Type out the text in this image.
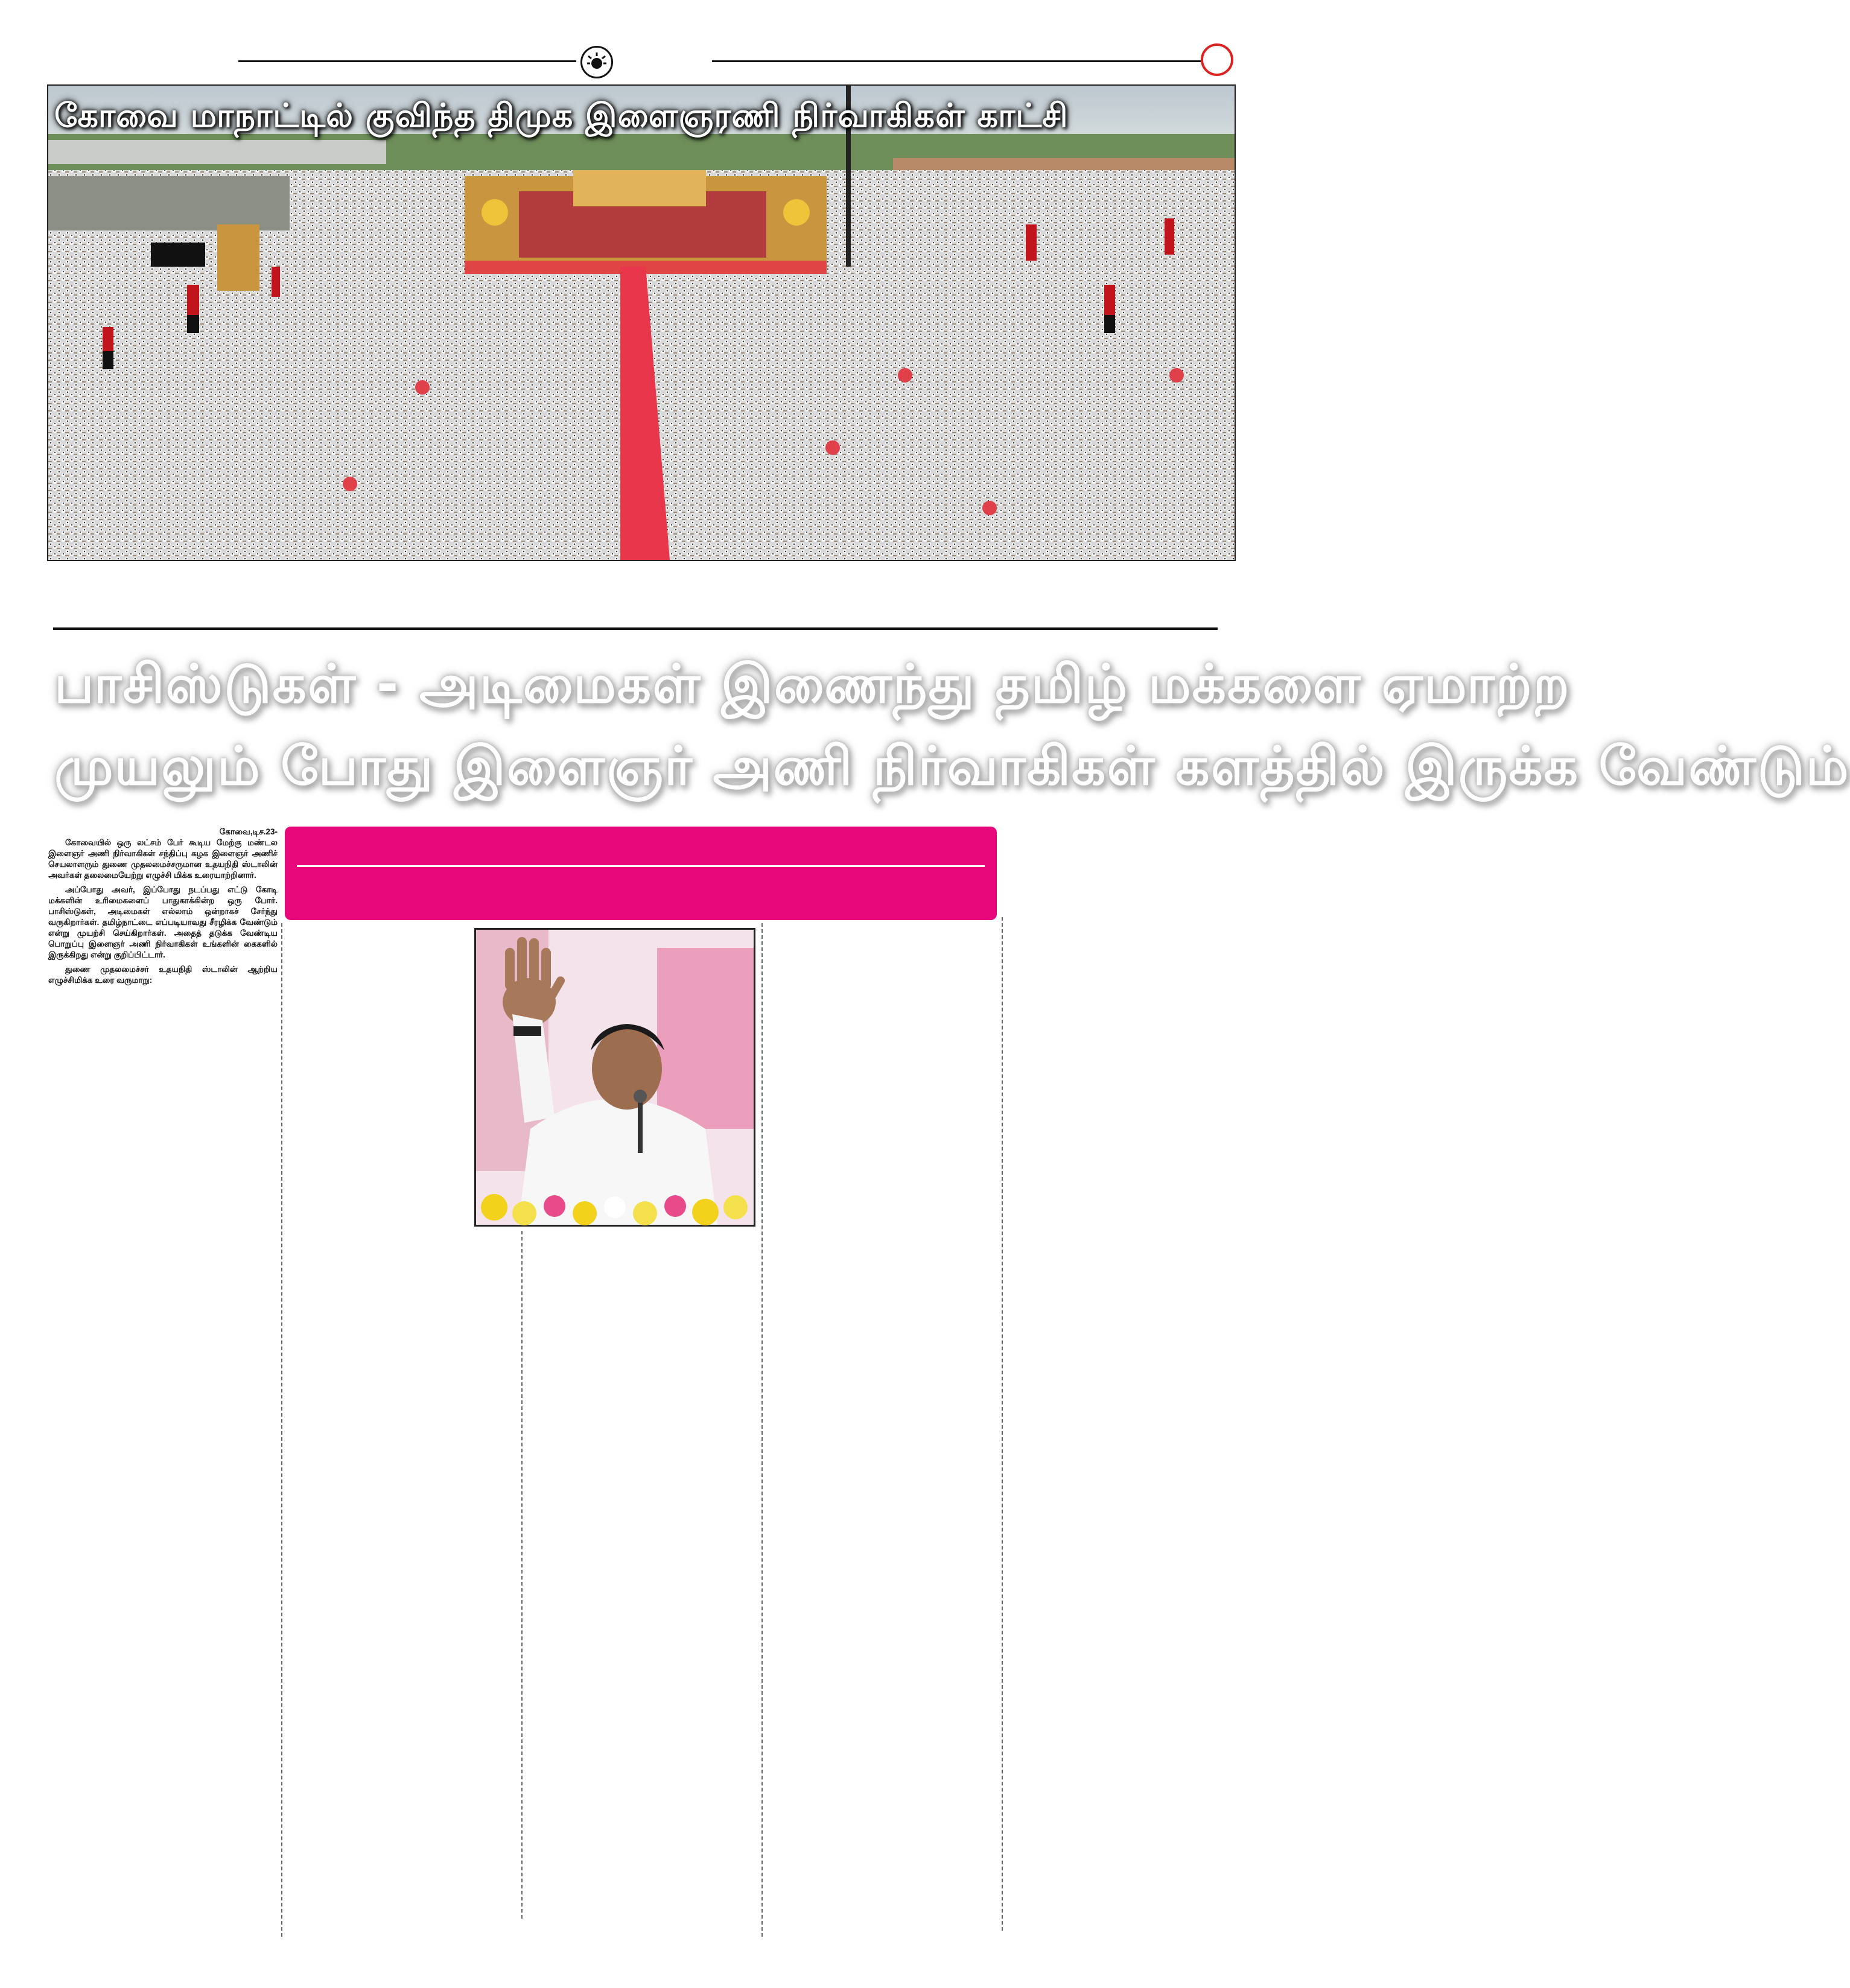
கோவை மாநாட்டில் குவிந்த திமுக இளைஞரணி நிர்வாகிகள் காட்சி
பாசிஸ்டுகள் - அடிமைகள் இணைந்து தமிழ் மக்களை ஏமாற்ற
முயலும் போது இளைஞர் அணி நிர்வாகிகள் களத்தில் இருக்க வேண்டும்
கோவை,டிச.23-

கோவையில் ஒரு லட்சம் பேர் கூடிய மேற்கு மண்டல இளைஞர் அணி நிர்வாகிகள் சந்திப்பு கழக இளைஞர் அணிச் செயலாளரும் துணை முதலமைச்சருமான உதயநிதி ஸ்டாலின் அவர்கள் தலைமையேற்று எழுச்சி மிக்க உரையாற்றினார்.

அப்போது அவர், இப்போது நடப்பது எட்டு கோடி மக்களின் உரிமைகளைப் பாதுகாக்கின்ற ஒரு போர். பாசிஸ்டுகள், அடிமைகள் எல்லாம் ஒன்றாகச் சேர்ந்து வருகிறார்கள். தமிழ்நாட்டை எப்படியாவது சீரழிக்க வேண்டும் என்று முயற்சி செய்கிறார்கள். அதைத் தடுக்க வேண்டிய பொறுப்பு இளைஞர் அணி நிர்வாகிகள் உங்களின் கைகளில் இருக்கிறது என்று குறிப்பிட்டார்.

துணை முதலமைச்சர் உதயநிதி ஸ்டாலின் ஆற்றிய எழுச்சிமிக்க உரை வருமாறு:
